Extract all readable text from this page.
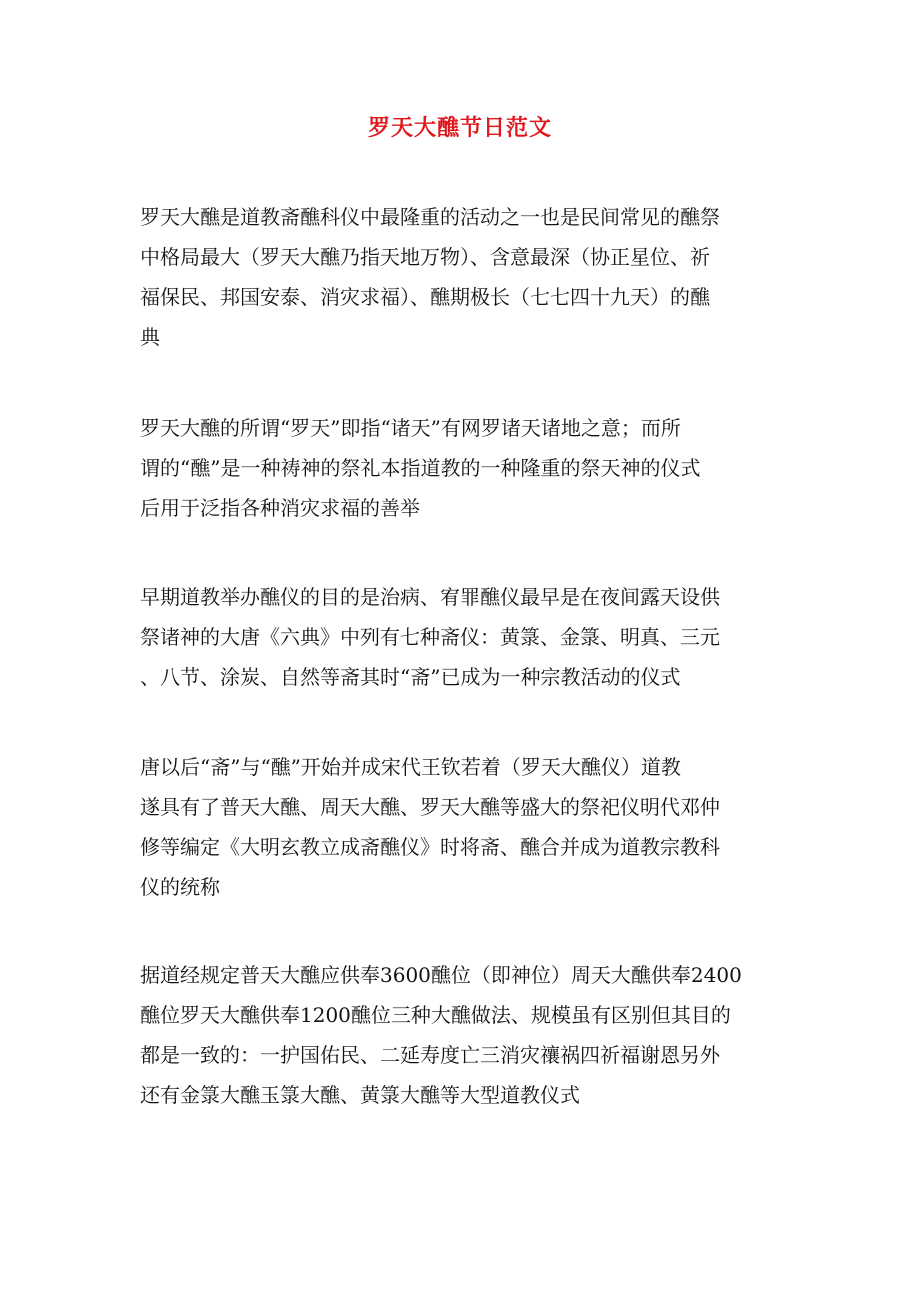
罗天大醮节日范文
罗天大醮是道教斋醮科仪中最隆重的活动之一也是民间常见的醮祭
中格局最大（罗天大醮乃指天地万物）、含意最深（协正星位、祈
福保民、邦国安泰、消灾求福）、醮期极长（七七四十九天）的醮
典
罗天大醮的所谓“罗天”即指“诸天”有网罗诸天诸地之意；而所
谓的“醮”是一种祷神的祭礼本指道教的一种隆重的祭天神的仪式
后用于泛指各种消灾求福的善举
早期道教举办醮仪的目的是治病、宥罪醮仪最早是在夜间露天设供
祭诸神的大唐《六典》中列有七种斋仪：黄箓、金箓、明真、三元
、八节、涂炭、自然等斋其时“斋”已成为一种宗教活动的仪式
唐以后“斋”与“醮”开始并成宋代王钦若着（罗天大醮仪）道教
遂具有了普天大醮、周天大醮、罗天大醮等盛大的祭祀仪明代邓仲
修等编定《大明玄教立成斋醮仪》时将斋、醮合并成为道教宗教科
仪的统称
据道经规定普天大醮应供奉3600醮位（即神位）周天大醮供奉2400
醮位罗天大醮供奉1200醮位三种大醮做法、规模虽有区别但其目的
都是一致的：一护国佑民、二延寿度亡三消灾禳祸四祈福谢恩另外
还有金箓大醮玉箓大醮、黄箓大醮等大型道教仪式
